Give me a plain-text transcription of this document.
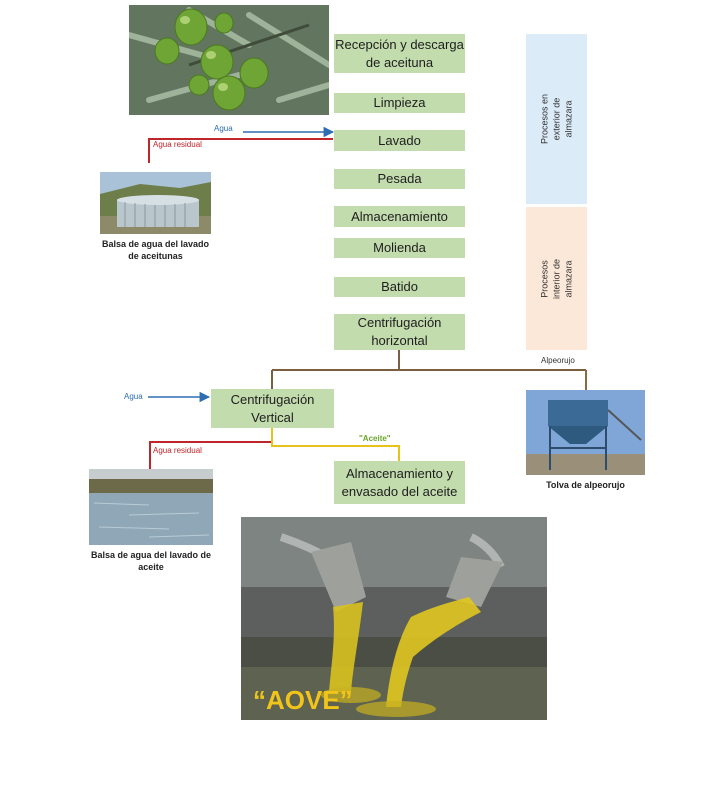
Recepción y descarga de aceituna
Limpieza
Lavado
Pesada
Almacenamiento
Molienda
Batido
Centrifugación horizontal
Centrifugación Vertical
Almacenamiento y envasado del aceite
Agua
Agua residual
Alpeorujo
Agua
Agua residual
"Aceite"
Balsa de agua del lavado de aceitunas
Balsa de agua del lavado de aceite
Tolva de alpeorujo
Procesos en exterior de almazara
Procesos interior de almazara
“AOVE”
